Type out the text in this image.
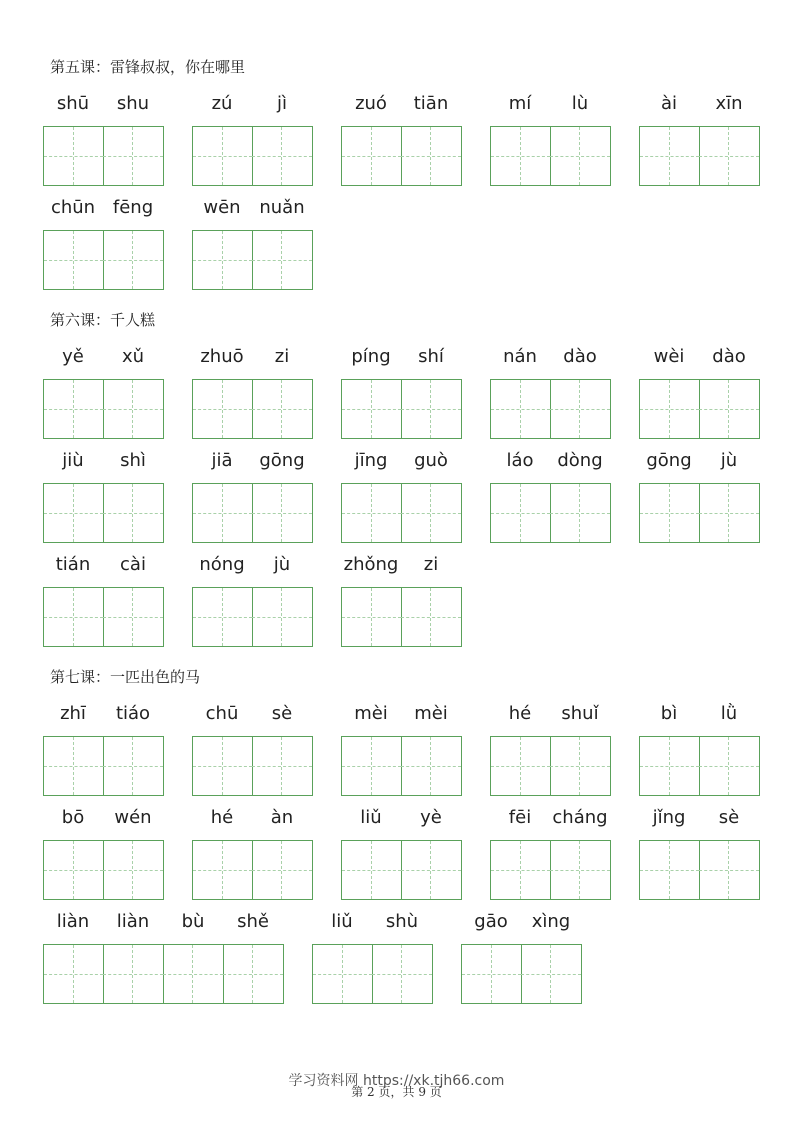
第五课：雷锋叔叔，你在哪里
shū	shu	zú	jì	zuó	tiān	mí	lù	ài	xīn
chūn fēng	wēn	nuǎn
第六课：千人糕
yě	xǔ	zhuō	zi	píng	shí	nán	dào	wèi	dào
jiù	shì	jiā	gōng	jīng	guò	láo	dòng	gōng	jù
tián	cài	nóng	jù	zhǒng	zi
第七课：一匹出色的马
zhī	tiáo	chū	sè	mèi	mèi	hé	shuǐ	bì	lǜ
bō	wén	hé	àn	liǔ	yè	fēi	cháng	jǐng	sè
liàn	liàn	bù	shě	liǔ	shù	gāo	xìng
学习资料网 https://xk.tjh66.com
第 2 页，共 9 页
